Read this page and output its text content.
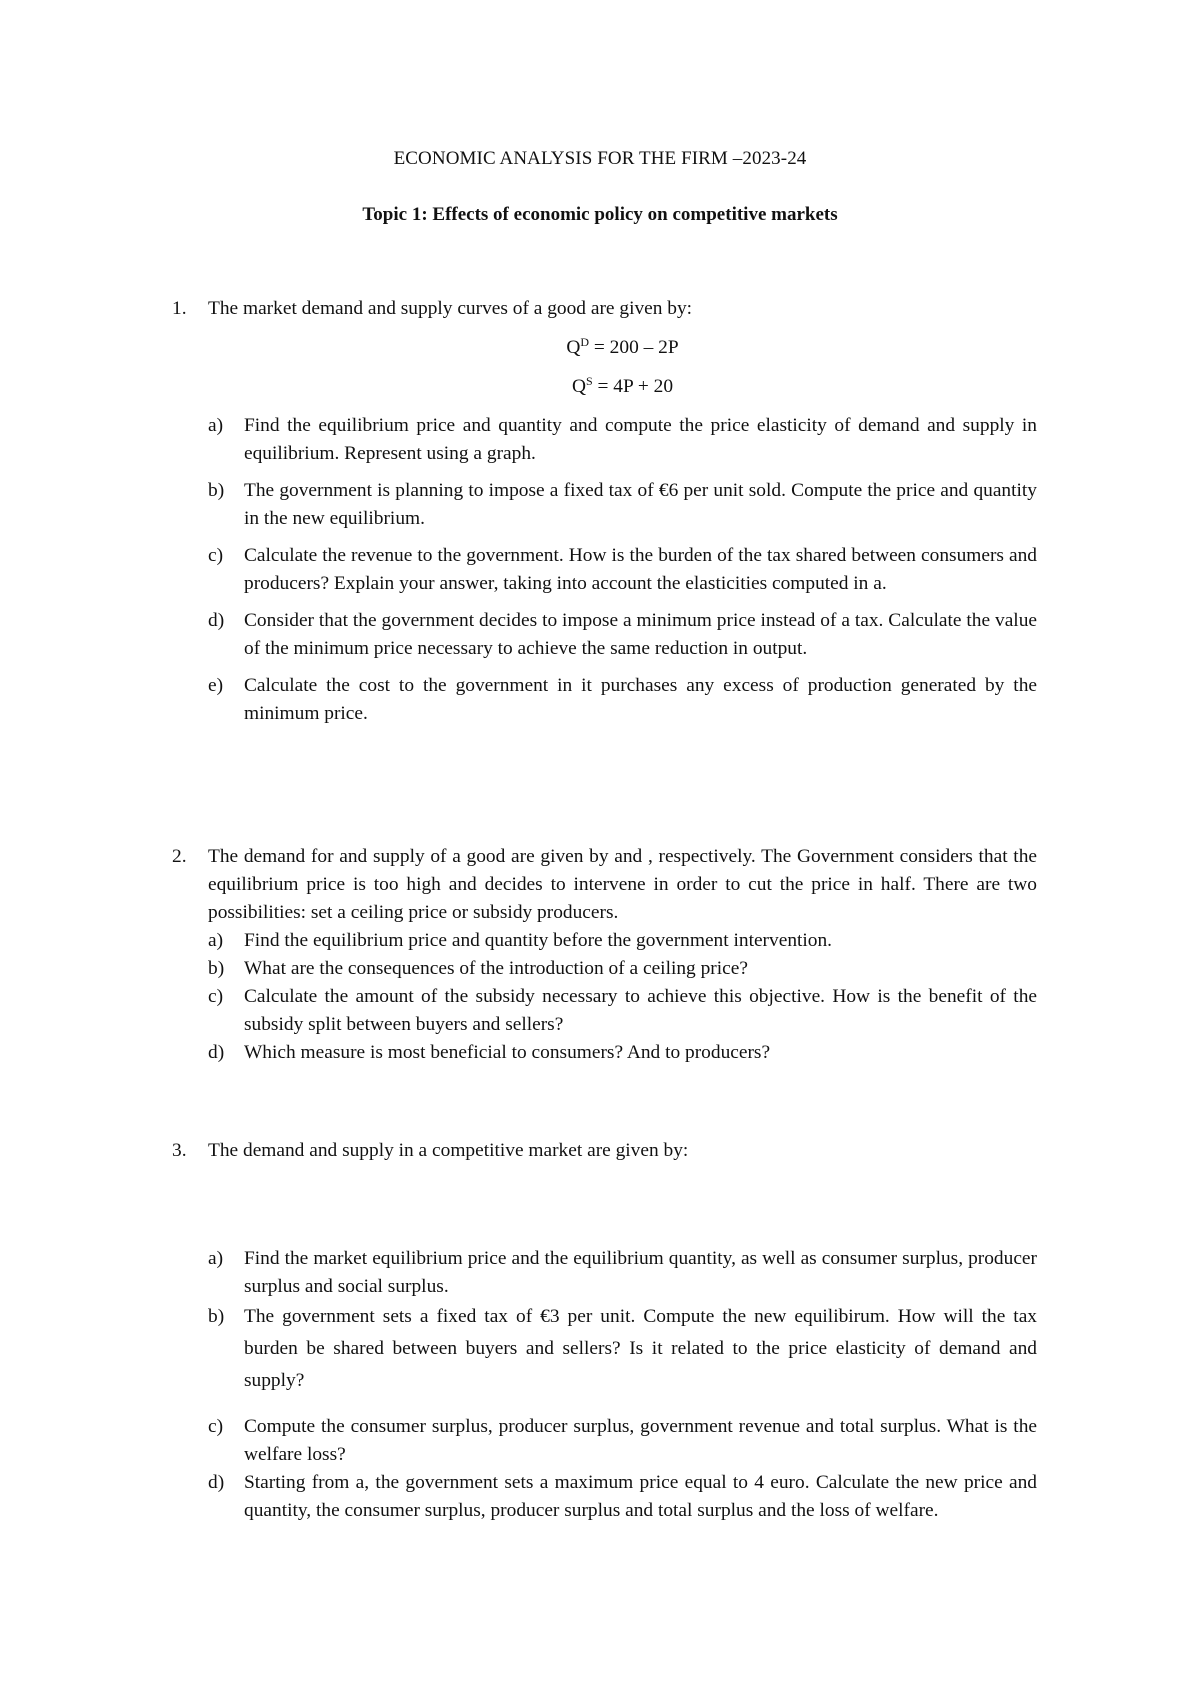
ECONOMIC ANALYSIS FOR THE FIRM –2023-24
Topic 1: Effects of economic policy on competitive markets
1. The market demand and supply curves of a good are given by:
$Q^D = 200 - 2P$
$Q^S = 4P + 20$
a) Find the equilibrium price and quantity and compute the price elasticity of demand and supply in equilibrium. Represent using a graph.
b) The government is planning to impose a fixed tax of €6 per unit sold. Compute the price and quantity in the new equilibrium.
c) Calculate the revenue to the government. How is the burden of the tax shared between consumers and producers? Explain your answer, taking into account the elasticities computed in a.
d) Consider that the government decides to impose a minimum price instead of a tax. Calculate the value of the minimum price necessary to achieve the same reduction in output.
e) Calculate the cost to the government in it purchases any excess of production generated by the minimum price.
2. The demand for and supply of a good are given by and , respectively. The Government considers that the equilibrium price is too high and decides to intervene in order to cut the price in half. There are two possibilities: set a ceiling price or subsidy producers.
a) Find the equilibrium price and quantity before the government intervention.
b) What are the consequences of the introduction of a ceiling price?
c) Calculate the amount of the subsidy necessary to achieve this objective. How is the benefit of the subsidy split between buyers and sellers?
d) Which measure is most beneficial to consumers? And to producers?
3. The demand and supply in a competitive market are given by:
a) Find the market equilibrium price and the equilibrium quantity, as well as consumer surplus, producer surplus and social surplus.
b) The government sets a fixed tax of €3 per unit. Compute the new equilibirum. How will the tax burden be shared between buyers and sellers? Is it related to the price elasticity of demand and supply?
c) Compute the consumer surplus, producer surplus, government revenue and total surplus. What is the welfare loss?
d) Starting from a, the government sets a maximum price equal to 4 euro. Calculate the new price and quantity, the consumer surplus, producer surplus and total surplus and the loss of welfare.
